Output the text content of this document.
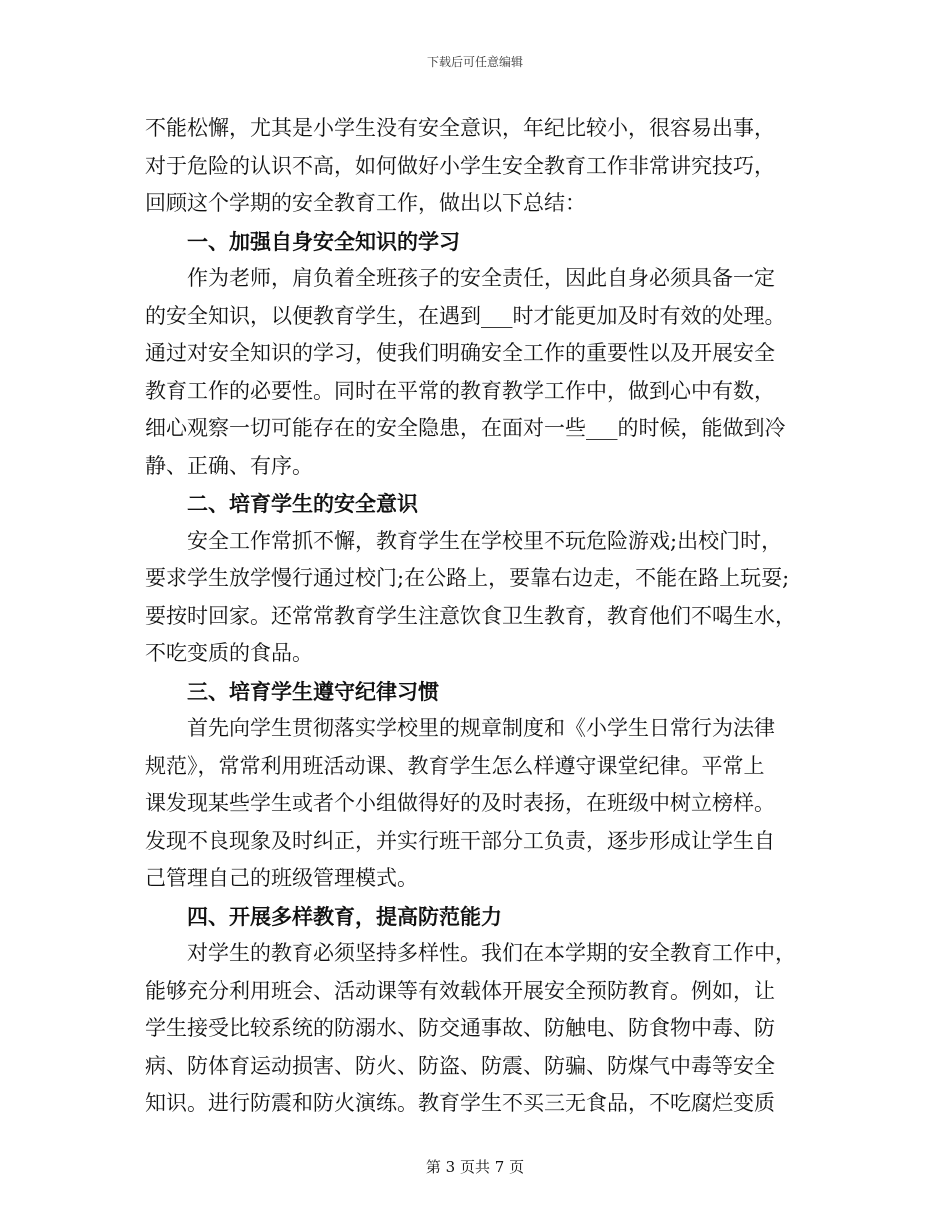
下载后可任意编辑
不能松懈，尤其是小学生没有安全意识，年纪比较小，很容易出事，
对于危险的认识不高，如何做好小学生安全教育工作非常讲究技巧，
回顾这个学期的安全教育工作，做出以下总结：
一、加强自身安全知识的学习
作为老师，肩负着全班孩子的安全责任，因此自身必须具备一定
的安全知识，以便教育学生，在遇到___时才能更加及时有效的处理。
通过对安全知识的学习，使我们明确安全工作的重要性以及开展安全
教育工作的必要性。同时在平常的教育教学工作中，做到心中有数，
细心观察一切可能存在的安全隐患，在面对一些___的时候，能做到冷
静、正确、有序。
二、培育学生的安全意识
安全工作常抓不懈，教育学生在学校里不玩危险游戏;出校门时，
要求学生放学慢行通过校门;在公路上，要靠右边走，不能在路上玩耍;
要按时回家。还常常教育学生注意饮食卫生教育，教育他们不喝生水，
不吃变质的食品。
三、培育学生遵守纪律习惯
首先向学生贯彻落实学校里的规章制度和《小学生日常行为法律
规范》，常常利用班活动课、教育学生怎么样遵守课堂纪律。平常上
课发现某些学生或者个小组做得好的及时表扬，在班级中树立榜样。
发现不良现象及时纠正，并实行班干部分工负责，逐步形成让学生自
己管理自己的班级管理模式。
四、开展多样教育，提高防范能力
对学生的教育必须坚持多样性。我们在本学期的安全教育工作中，
能够充分利用班会、活动课等有效载体开展安全预防教育。例如，让
学生接受比较系统的防溺水、防交通事故、防触电、防食物中毒、防
病、防体育运动损害、防火、防盗、防震、防骗、防煤气中毒等安全
知识。进行防震和防火演练。教育学生不买三无食品，不吃腐烂变质
第 3 页共 7 页
